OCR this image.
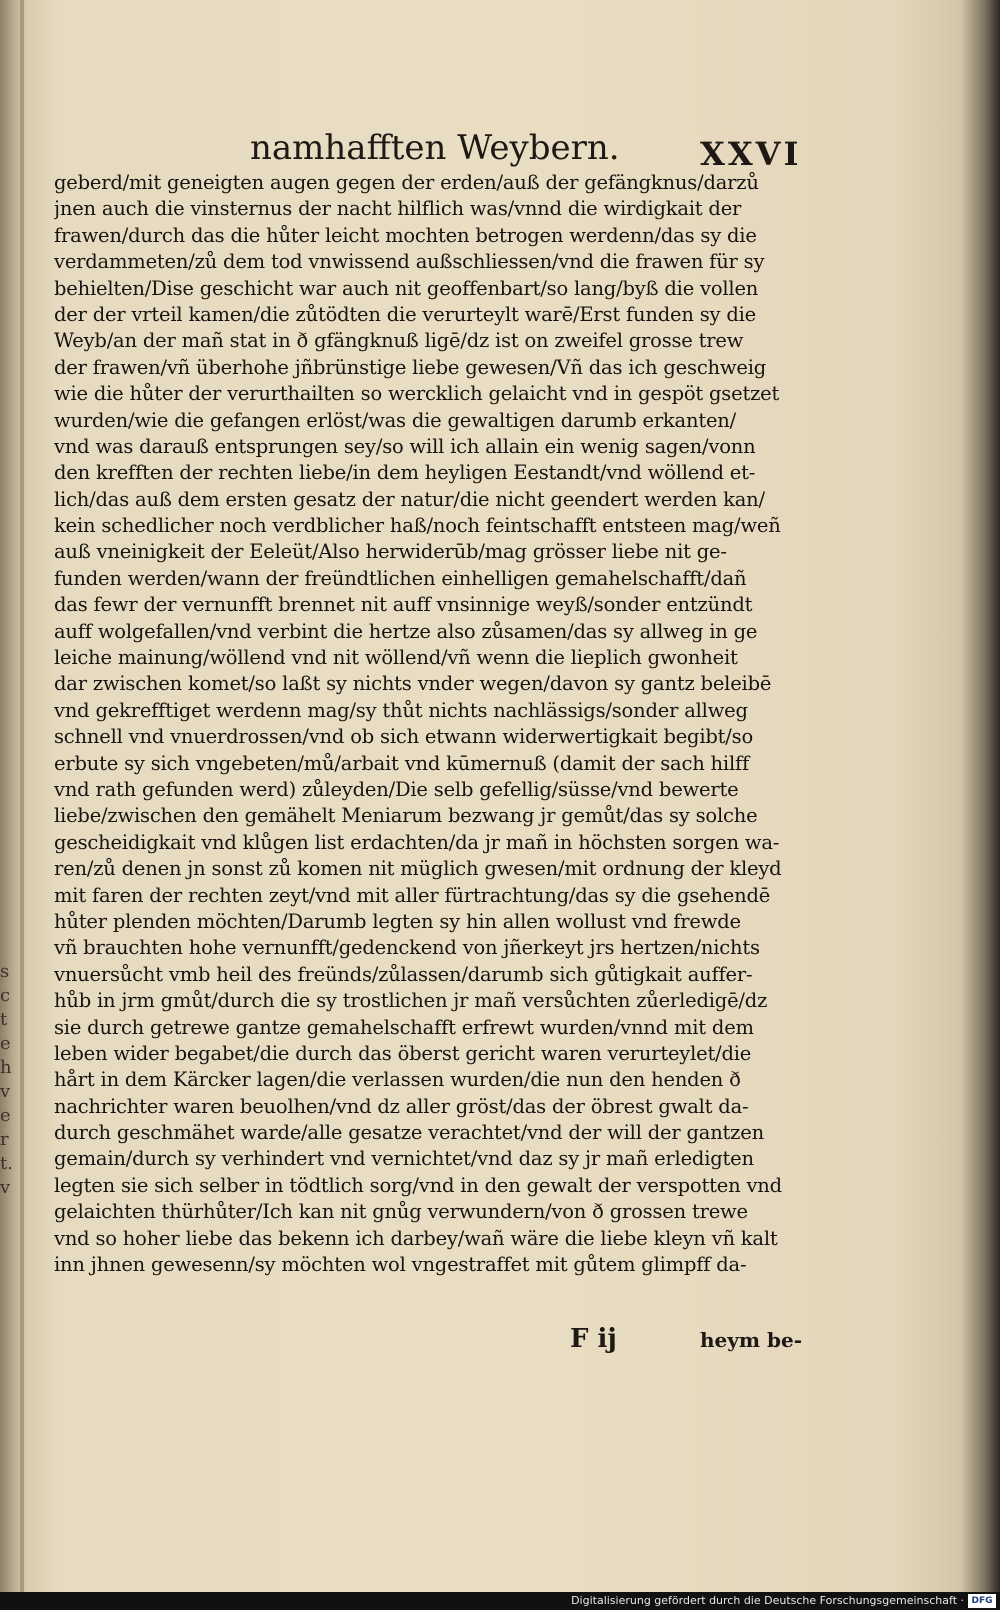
s
c
t
e
h
v
e
r
t.
v
namhafften Weybern.	XXVI
geberd/mit geneigten augen gegen der erden/auß der gefängknus/darzů
jnen auch die vinsternus der nacht hilflich was/vnnd die wirdigkait der
frawen/durch das die hůter leicht mochten betrogen werdenn/das sy die
verdammeten/zů dem tod vnwissend außschliessen/vnd die frawen für sy
behielten/Dise geschicht war auch nit geoffenbart/so lang/byß die vollen
der der vrteil kamen/die zůtödten die verurteylt warē/Erst funden sy die
Weyb/an der mañ stat in ð gfängknuß ligē/dz ist on zweifel grosse trew
der frawen/vñ überhohe jñbrünstige liebe gewesen/Vñ das ich geschweig
wie die hůter der verurthailten so wercklich gelaicht vnd in gespöt gsetzet
wurden/wie die gefangen erlöst/was die gewaltigen darumb erkanten/
vnd was darauß entsprungen sey/so will ich allain ein wenig sagen/vonn
den krefften der rechten liebe/in dem heyligen Eestandt/vnd wöllend et-
lich/das auß dem ersten gesatz der natur/die nicht geendert werden kan/
kein schedlicher noch verdblicher haß/noch feintschafft entsteen mag/weñ
auß vneinigkeit der Eeleüt/Also herwiderūb/mag grösser liebe nit ge-
funden werden/wann der freündtlichen einhelligen gemahelschafft/dañ
das fewr der vernunfft brennet nit auff vnsinnige weyß/sonder entzündt
auff wolgefallen/vnd verbint die hertze also zůsamen/das sy allweg in ge
leiche mainung/wöllend vnd nit wöllend/vñ wenn die lieplich gwonheit
dar zwischen komet/so laßt sy nichts vnder wegen/davon sy gantz beleibē
vnd gekrefftiget werdenn mag/sy thůt nichts nachlässigs/sonder allweg
schnell vnd vnuerdrossen/vnd ob sich etwann widerwertigkait begibt/so
erbute sy sich vngebeten/mů/arbait vnd kūmernuß (damit der sach hilff
vnd rath gefunden werd) zůleyden/Die selb gefellig/süsse/vnd bewerte
liebe/zwischen den gemähelt Meniarum bezwang jr gemůt/das sy solche
gescheidigkait vnd klůgen list erdachten/da jr mañ in höchsten sorgen wa-
ren/zů denen jn sonst zů komen nit müglich gwesen/mit ordnung der kleyd
mit faren der rechten zeyt/vnd mit aller fürtrachtung/das sy die gsehendē
hůter plenden möchten/Darumb legten sy hin allen wollust vnd frewde
vñ brauchten hohe vernunfft/gedenckend von jñerkeyt jrs hertzen/nichts
vnuersůcht vmb heil des freünds/zůlassen/darumb sich gůtigkait auffer-
hůb in jrm gmůt/durch die sy trostlichen jr mañ versůchten zůerledigē/dz
sie durch getrewe gantze gemahelschafft erfrewt wurden/vnnd mit dem
leben wider begabet/die durch das öberst gericht waren verurteylet/die
hårt in dem Kärcker lagen/die verlassen wurden/die nun den henden ð
nachrichter waren beuolhen/vnd dz aller gröst/das der öbrest gwalt da-
durch geschmähet warde/alle gesatze verachtet/vnd der will der gantzen
gemain/durch sy verhindert vnd vernichtet/vnd daz sy jr mañ erledigten
legten sie sich selber in tödtlich sorg/vnd in den gewalt der verspotten vnd
gelaichten thürhůter/Ich kan nit gnůg verwundern/von ð grossen trewe
vnd so hoher liebe das bekenn ich darbey/wañ wäre die liebe kleyn vñ kalt
inn jhnen gewesenn/sy möchten wol vngestraffet mit gůtem glimpff da-
F ij	heym be-
Digitalisierung gefördert durch die Deutsche Forschungsgemeinschaft · DFG
